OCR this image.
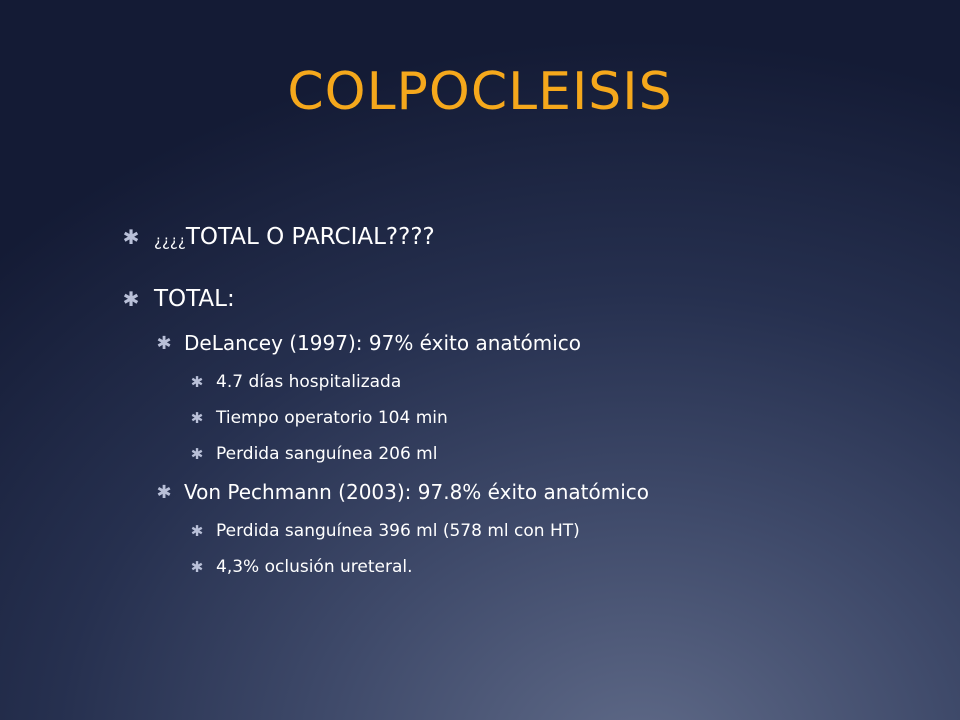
COLPOCLEISIS
✱ ¿¿¿¿TOTAL O PARCIAL????
✱ TOTAL:
✱ DeLancey (1997): 97% éxito anatómico
✱ 4.7 días hospitalizada
✱ Tiempo operatorio 104 min
✱ Perdida sanguínea 206 ml
✱ Von Pechmann (2003): 97.8% éxito anatómico
✱ Perdida sanguínea 396 ml (578 ml con HT)
✱ 4,3% oclusión ureteral.
